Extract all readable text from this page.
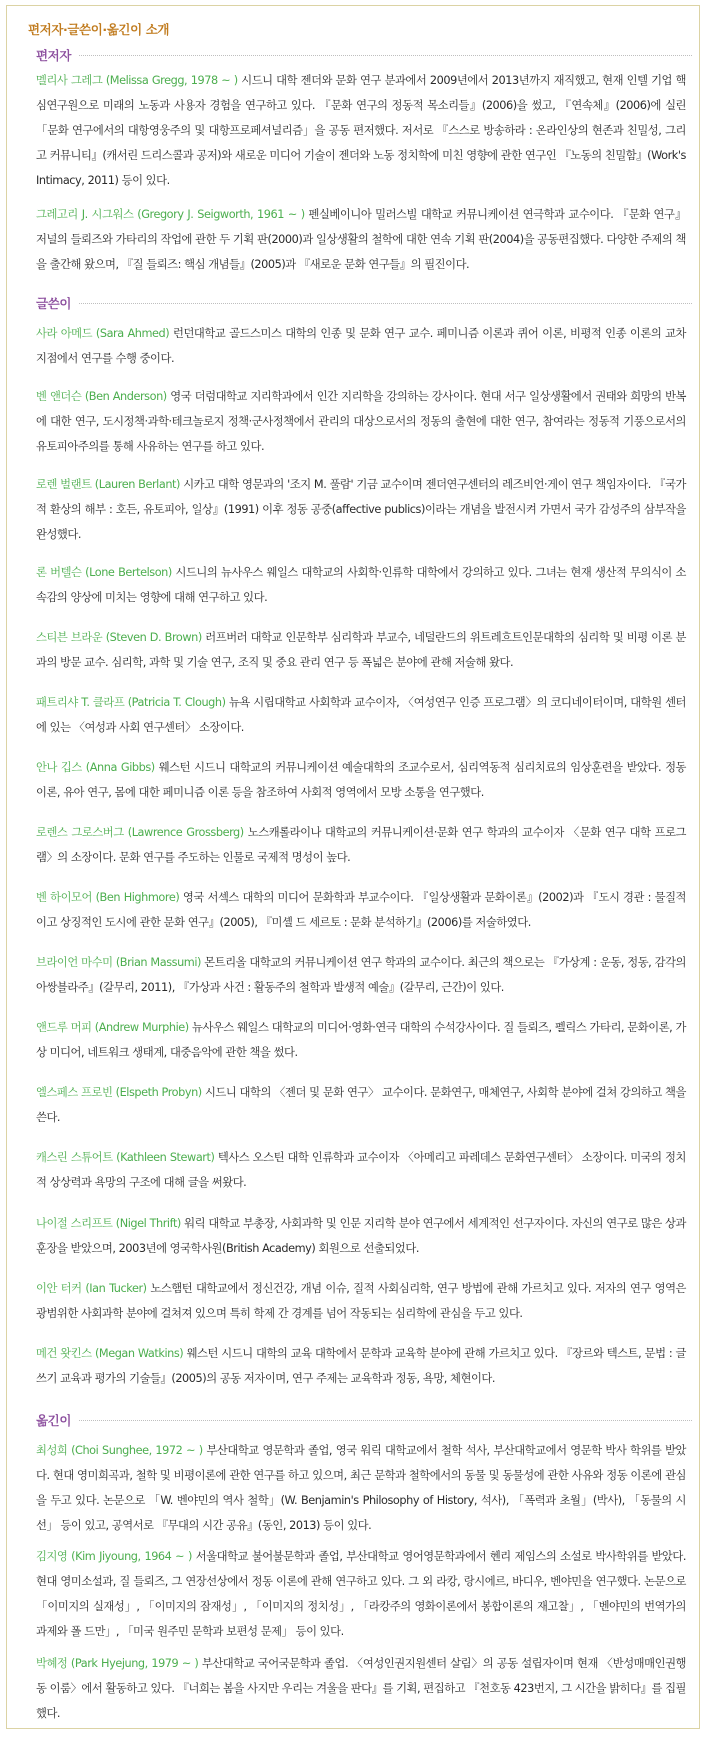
편저자·글쓴이·옮긴이 소개
편저자
멜리사 그레그 (Melissa Gregg, 1978 ~ ) 시드니 대학 젠더와 문화 연구 분과에서 2009년에서 2013년까지 재직했고, 현재 인텔 기업 핵심연구원으로 미래의 노동과 사용자 경험을 연구하고 있다. 『문화 연구의 정동적 목소리들』(2006)을 썼고, 『연속체』(2006)에 실린 「문화 연구에서의 대항영웅주의 및 대항프로페셔널리즘」을 공동 편저했다. 저서로 『스스로 방송하라 : 온라인상의 현존과 친밀성, 그리고 커뮤니티』(캐서린 드리스콜과 공저)와 새로운 미디어 기술이 젠더와 노동 정치학에 미친 영향에 관한 연구인 『노동의 친밀함』(Work's Intimacy, 2011) 등이 있다.
그레고리 J. 시그워스 (Gregory J. Seigworth, 1961 ~ ) 펜실베이니아 밀러스빌 대학교 커뮤니케이션 연극학과 교수이다. 『문화 연구』 저널의 들뢰즈와 가타리의 작업에 관한 두 기획 판(2000)과 일상생활의 철학에 대한 연속 기획 판(2004)을 공동편집했다. 다양한 주제의 책을 출간해 왔으며, 『질 들뢰즈: 핵심 개념들』(2005)과 『새로운 문화 연구들』의 필진이다.
글쓴이
사라 아메드 (Sara Ahmed) 런던대학교 골드스미스 대학의 인종 및 문화 연구 교수. 페미니즘 이론과 퀴어 이론, 비평적 인종 이론의 교차 지점에서 연구를 수행 중이다.
벤 앤더슨 (Ben Anderson) 영국 더럼대학교 지리학과에서 인간 지리학을 강의하는 강사이다. 현대 서구 일상생활에서 권태와 희망의 반복에 대한 연구, 도시정책·과학·테크놀로지 정책·군사정책에서 관리의 대상으로서의 정동의 출현에 대한 연구, 참여라는 정동적 기풍으로서의 유토피아주의를 통해 사유하는 연구를 하고 있다.
로렌 벌랜트 (Lauren Berlant) 시카고 대학 영문과의 '조지 M. 풀람' 기금 교수이며 젠더연구센터의 레즈비언·게이 연구 책임자이다. 『국가적 환상의 해부 : 호든, 유토피아, 일상』(1991) 이후 정동 공중(affective publics)이라는 개념을 발전시켜 가면서 국가 감성주의 삼부작을 완성했다.
론 버텔슨 (Lone Bertelson) 시드니의 뉴사우스 웨일스 대학교의 사회학·인류학 대학에서 강의하고 있다. 그녀는 현재 생산적 무의식이 소속감의 양상에 미치는 영향에 대해 연구하고 있다.
스티븐 브라운 (Steven D. Brown) 러프버러 대학교 인문학부 심리학과 부교수, 네덜란드의 위트레흐트인문대학의 심리학 및 비평 이론 분과의 방문 교수. 심리학, 과학 및 기술 연구, 조직 및 중요 관리 연구 등 폭넓은 분야에 관해 저술해 왔다.
패트리샤 T. 클라프 (Patricia T. Clough) 뉴욕 시립대학교 사회학과 교수이자, 〈여성연구 인증 프로그램〉의 코디네이터이며, 대학원 센터에 있는 〈여성과 사회 연구센터〉 소장이다.
안나 깁스 (Anna Gibbs) 웨스턴 시드니 대학교의 커뮤니케이션 예술대학의 조교수로서, 심리역동적 심리치료의 임상훈련을 받았다. 정동 이론, 유아 연구, 몸에 대한 페미니즘 이론 등을 참조하여 사회적 영역에서 모방 소통을 연구했다.
로렌스 그로스버그 (Lawrence Grossberg) 노스캐롤라이나 대학교의 커뮤니케이션·문화 연구 학과의 교수이자 〈문화 연구 대학 프로그램〉의 소장이다. 문화 연구를 주도하는 인물로 국제적 명성이 높다.
벤 하이모어 (Ben Highmore) 영국 서섹스 대학의 미디어 문화학과 부교수이다. 『일상생활과 문화이론』(2002)과 『도시 경관 : 물질적이고 상징적인 도시에 관한 문화 연구』(2005), 『미셸 드 세르토 : 문화 분석하기』(2006)를 저술하였다.
브라이언 마수미 (Brian Massumi) 몬트리올 대학교의 커뮤니케이션 연구 학과의 교수이다. 최근의 책으로는 『가상계 : 운동, 정동, 감각의 아쌍블라주』(갈무리, 2011), 『가상과 사건 : 활동주의 철학과 발생적 예술』(갈무리, 근간)이 있다.
앤드루 머피 (Andrew Murphie) 뉴사우스 웨일스 대학교의 미디어·영화·연극 대학의 수석강사이다. 질 들뢰즈, 펠릭스 가타리, 문화이론, 가상 미디어, 네트워크 생태계, 대중음악에 관한 책을 썼다.
엘스페스 프로빈 (Elspeth Probyn) 시드니 대학의 〈젠더 및 문화 연구〉 교수이다. 문화연구, 매체연구, 사회학 분야에 걸쳐 강의하고 책을 쓴다.
캐스린 스튜어트 (Kathleen Stewart) 텍사스 오스틴 대학 인류학과 교수이자 〈아메리고 파레데스 문화연구센터〉 소장이다. 미국의 정치적 상상력과 욕망의 구조에 대해 글을 써왔다.
나이절 스리프트 (Nigel Thrift) 워릭 대학교 부총장, 사회과학 및 인문 지리학 분야 연구에서 세계적인 선구자이다. 자신의 연구로 많은 상과 훈장을 받았으며, 2003년에 영국학사원(British Academy) 회원으로 선출되었다.
이안 터커 (Ian Tucker) 노스햄턴 대학교에서 정신건강, 개념 이슈, 질적 사회심리학, 연구 방법에 관해 가르치고 있다. 저자의 연구 영역은 광범위한 사회과학 분야에 걸쳐져 있으며 특히 학제 간 경계를 넘어 작동되는 심리학에 관심을 두고 있다.
메건 왓킨스 (Megan Watkins) 웨스턴 시드니 대학의 교육 대학에서 문학과 교육학 분야에 관해 가르치고 있다. 『장르와 텍스트, 문법 : 글쓰기 교육과 평가의 기술들』(2005)의 공동 저자이며, 연구 주제는 교육학과 정동, 욕망, 체현이다.
옮긴이
최성희 (Choi Sunghee, 1972 ~ ) 부산대학교 영문학과 졸업, 영국 워릭 대학교에서 철학 석사, 부산대학교에서 영문학 박사 학위를 받았다. 현대 영미희곡과, 철학 및 비평이론에 관한 연구를 하고 있으며, 최근 문학과 철학에서의 동물 및 동물성에 관한 사유와 정동 이론에 관심을 두고 있다. 논문으로 「W. 벤야민의 역사 철학」(W. Benjamin's Philosophy of History, 석사), 「폭력과 초월」(박사), 「동물의 시선」 등이 있고, 공역서로 『무대의 시간 공유』(동인, 2013) 등이 있다.
김지영 (Kim Jiyoung, 1964 ~ ) 서울대학교 불어불문학과 졸업, 부산대학교 영어영문학과에서 헨리 제임스의 소설로 박사학위를 받았다. 현대 영미소설과, 질 들뢰즈, 그 연장선상에서 정동 이론에 관해 연구하고 있다. 그 외 라캉, 랑시에르, 바디우, 벤야민을 연구했다. 논문으로 「이미지의 실재성」, 「이미지의 잠재성」, 「이미지의 정치성」, 「라캉주의 영화이론에서 봉합이론의 재고찰」, 「벤야민의 번역가의 과제와 폴 드만」, 「미국 원주민 문학과 보편성 문제」 등이 있다.
박혜정 (Park Hyejung, 1979 ~ ) 부산대학교 국어국문학과 졸업. 〈여성인권지원센터 살림〉의 공동 설립자이며 현재 〈반성매매인권행동 이룸〉에서 활동하고 있다. 『너희는 봄을 사지만 우리는 겨울을 판다』를 기획, 편집하고 『천호동 423번지, 그 시간을 밝히다』를 집필했다.
